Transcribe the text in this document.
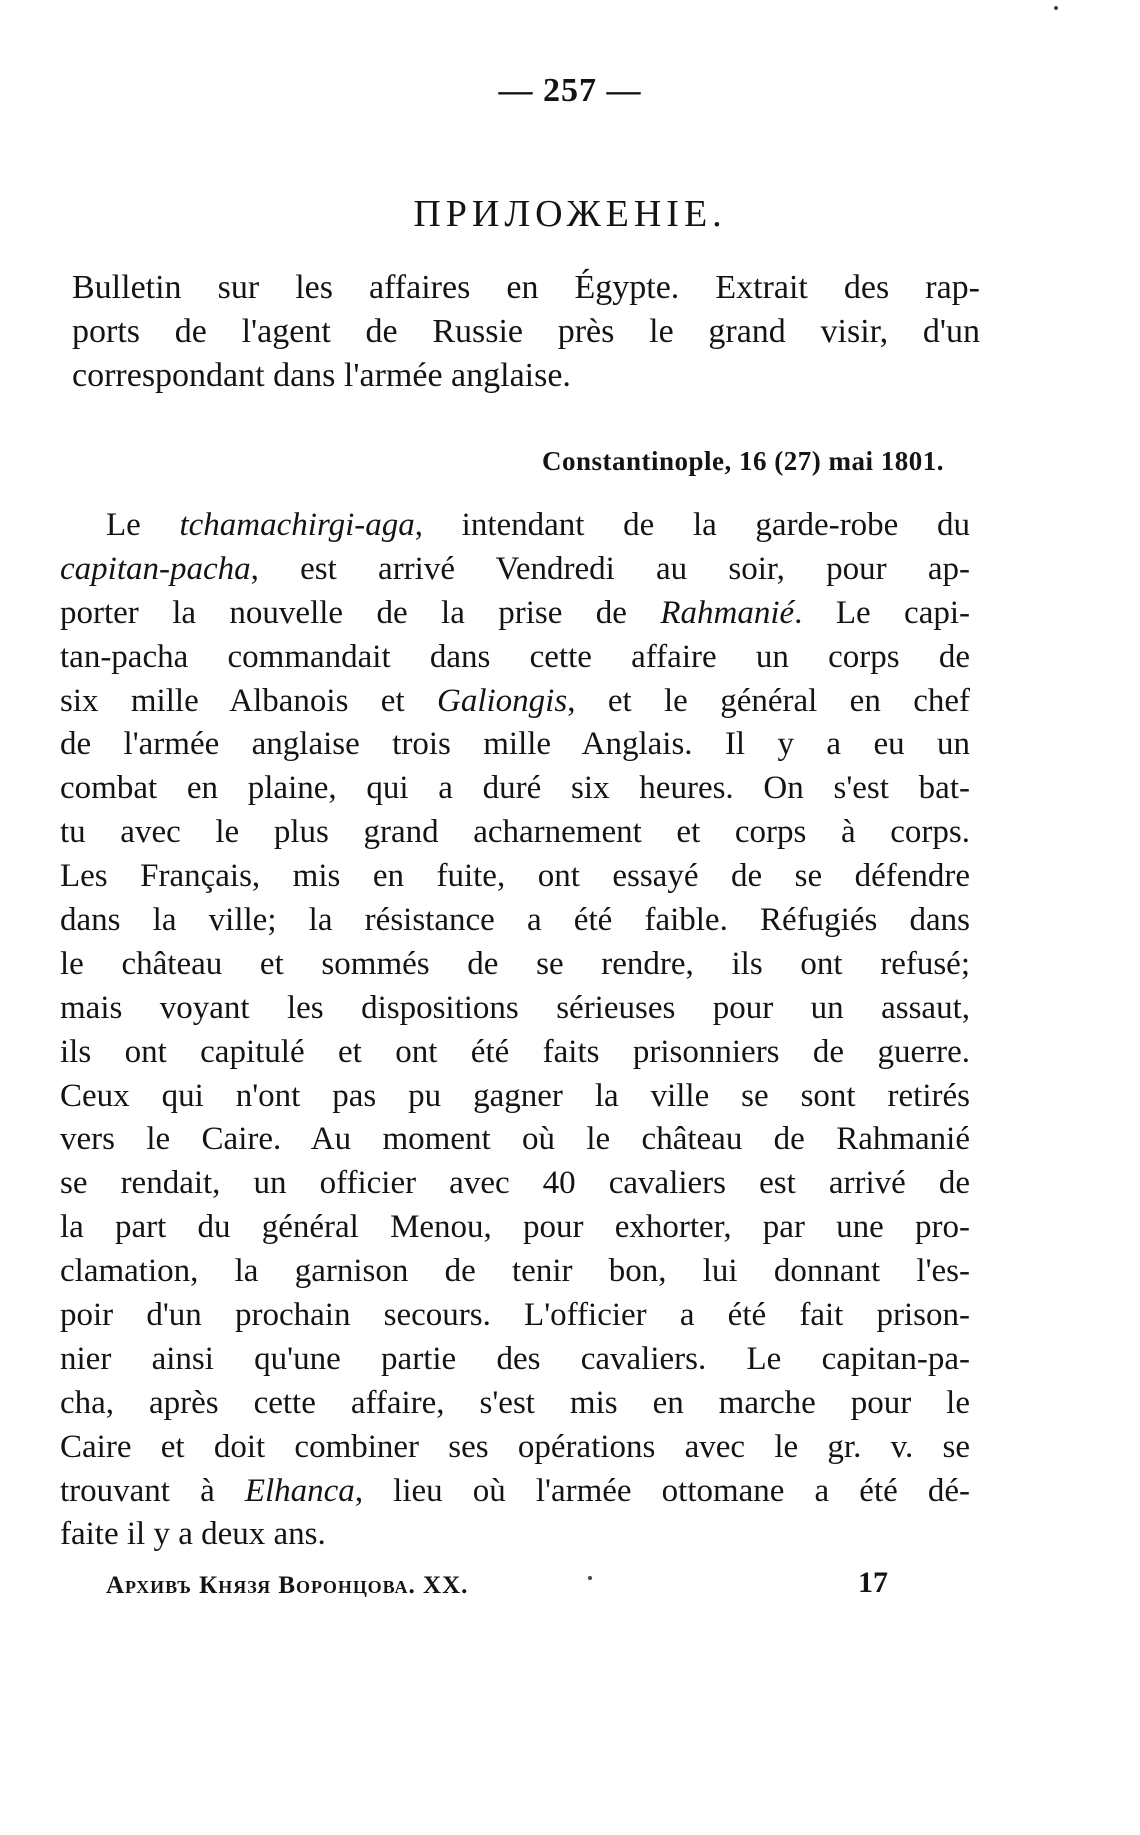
— 257 —
ПРИЛОЖЕНІЕ.
Bulletin sur les affaires en Égypte. Extrait des rap-
ports de l'agent de Russie près le grand visir, d'un
correspondant dans l'armée anglaise.
Constantinople, 16 (27) mai 1801.
Le tchamachirgi-aga, intendant de la garde-robe du
capitan-pacha, est arrivé Vendredi au soir, pour ap-
porter la nouvelle de la prise de Rahmanié. Le capi-
tan-pacha commandait dans cette affaire un corps de
six mille Albanois et Galiongis, et le général en chef
de l'armée anglaise trois mille Anglais. Il y a eu un
combat en plaine, qui a duré six heures. On s'est bat-
tu avec le plus grand acharnement et corps à corps.
Les Français, mis en fuite, ont essayé de se défendre
dans la ville; la résistance a été faible. Réfugiés dans
le château et sommés de se rendre, ils ont refusé;
mais voyant les dispositions sérieuses pour un assaut,
ils ont capitulé et ont été faits prisonniers de guerre.
Ceux qui n'ont pas pu gagner la ville se sont retirés
vers le Caire. Au moment où le château de Rahmanié
se rendait, un officier avec 40 cavaliers est arrivé de
la part du général Menou, pour exhorter, par une pro-
clamation, la garnison de tenir bon, lui donnant l'es-
poir d'un prochain secours. L'officier a été fait prison-
nier ainsi qu'une partie des cavaliers. Le capitan-pa-
cha, après cette affaire, s'est mis en marche pour le
Caire et doit combiner ses opérations avec le gr. v. se
trouvant à Elhanca, lieu où l'armée ottomane a été dé-
faite il y a deux ans.
Архивъ Князя Воронцова. XX.	17
